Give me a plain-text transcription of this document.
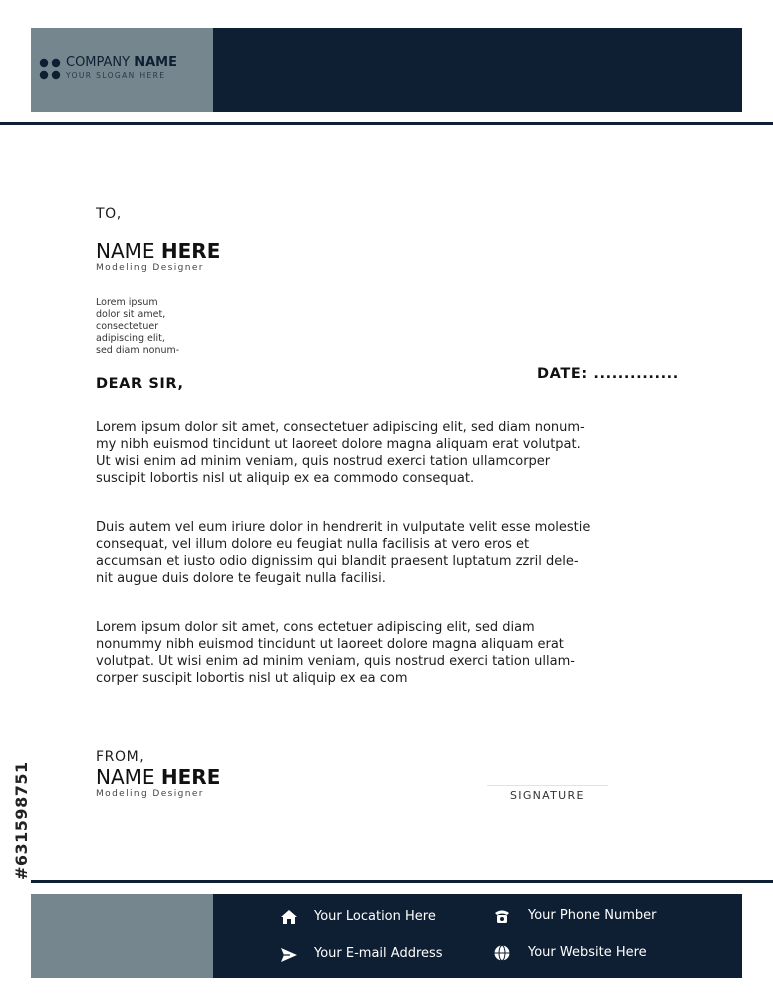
COMPANY NAME
YOUR SLOGAN HERE
TO,
NAME HERE
Modeling Designer
Lorem ipsum
dolor sit amet,
consectetuer
adipiscing elit,
sed diam nonum-
DEAR SIR,
DATE: ..............
Lorem ipsum dolor sit amet, consectetuer adipiscing elit, sed diam nonum-
my nibh euismod tincidunt ut laoreet dolore magna aliquam erat volutpat.
Ut wisi enim ad minim veniam, quis nostrud exerci tation ullamcorper
suscipit lobortis nisl ut aliquip ex ea commodo consequat.
Duis autem vel eum iriure dolor in hendrerit in vulputate velit esse molestie
consequat, vel illum dolore eu feugiat nulla facilisis at vero eros et
accumsan et iusto odio dignissim qui blandit praesent luptatum zzril dele-
nit augue duis dolore te feugait nulla facilisi.
Lorem ipsum dolor sit amet, cons ectetuer adipiscing elit, sed diam
nonummy nibh euismod tincidunt ut laoreet dolore magna aliquam erat
volutpat. Ut wisi enim ad minim veniam, quis nostrud exerci tation ullam-
corper suscipit lobortis nisl ut aliquip ex ea com
FROM,
NAME HERE
Modeling Designer	SIGNATURE
Your Location Here
Your E-mail Address
Your Phone Number
Your Website Here
#631598751
